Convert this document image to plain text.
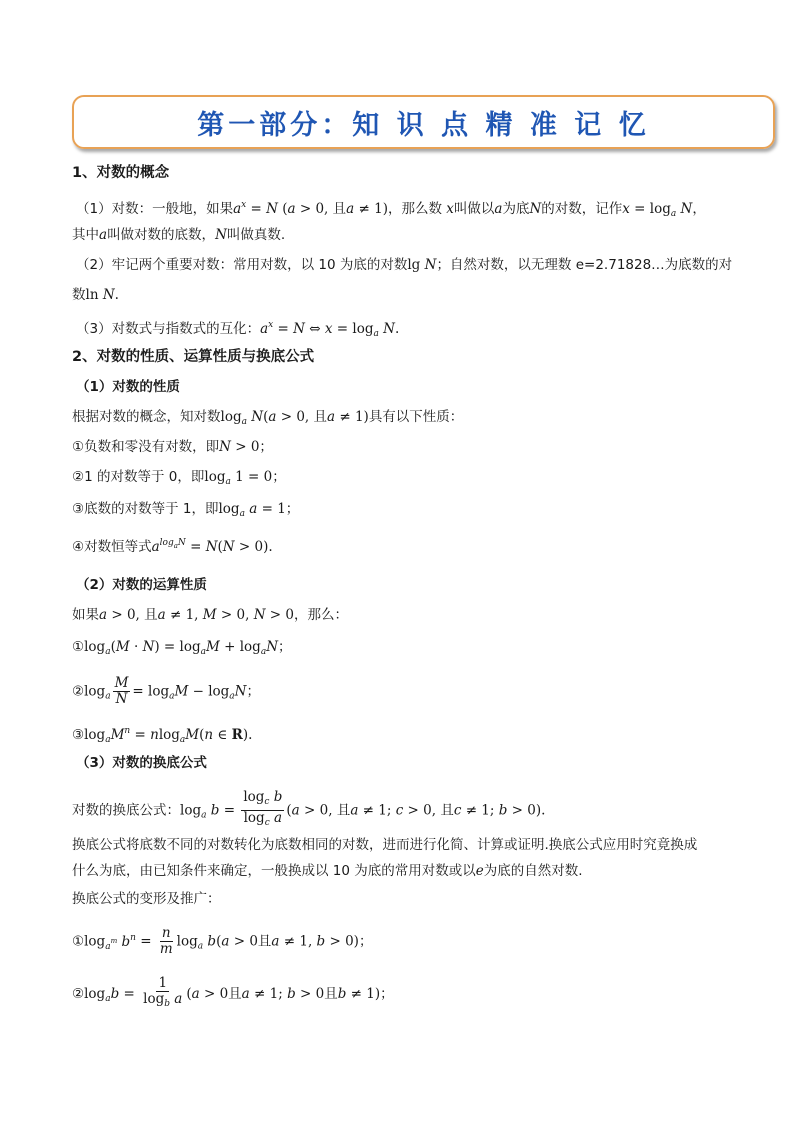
第一部分：知 识 点 精 准 记 忆
1、对数的概念
（1）对数：一般地，如果$a^x = N$ (a > 0, 且a ≠ 1)，那么数 x叫做以a为底N的对数，记作$x = \log_a N$，
其中a叫做对数的底数，N叫做真数.
（2）牢记两个重要对数：常用对数，以 10 为底的对数lg N；自然对数，以无理数 e=2.71828…为底数的对
数ln N.
（3）对数式与指数式的互化：$a^x = N$ ⇔ $x = \log_a N$.
2、对数的性质、运算性质与换底公式
（1）对数的性质
根据对数的概念，知对数$\log_a N(a > 0$, 且a ≠ 1)具有以下性质：
①负数和零没有对数，即N > 0；
②1 的对数等于 0，即$\log_a 1 = 0$；
③底数的对数等于 1，即$\log_a a = 1$；
④对数恒等式$a^{log_aN} = N(N > 0)$.
（2）对数的运算性质
如果a > 0, 且a ≠ 1, M > 0, N > 0，那么：
$①\log_a(M \cdot N) = \log_aM + \log_aN$；
$②\log_a \frac{M}{N} = \log_aM - \log_aN$；
$③\log_aM^n = nlog_aM(n$ ∈ R).
（3）对数的换底公式
对数的换底公式：$\log_a b = \frac{\log_c b}{\log_c a} (a > 0$, 且a ≠ 1; c > 0, 且c ≠ 1; b > 0).
换底公式将底数不同的对数转化为底数相同的对数，进而进行化简、计算或证明.换底公式应用时究竟换成
什么为底，由已知条件来确定，一般换成以 10 为底的常用对数或以e为底的自然对数.
换底公式的变形及推广：
$①\log_{a^m}$ $b^n = \frac{n}{m} \log_a b(a > 0$且a ≠ 1, b > 0)；
$②\log_ab = \frac{1}{\log_b a} (a > 0$且a ≠ 1; b > 0且b ≠ 1)；
